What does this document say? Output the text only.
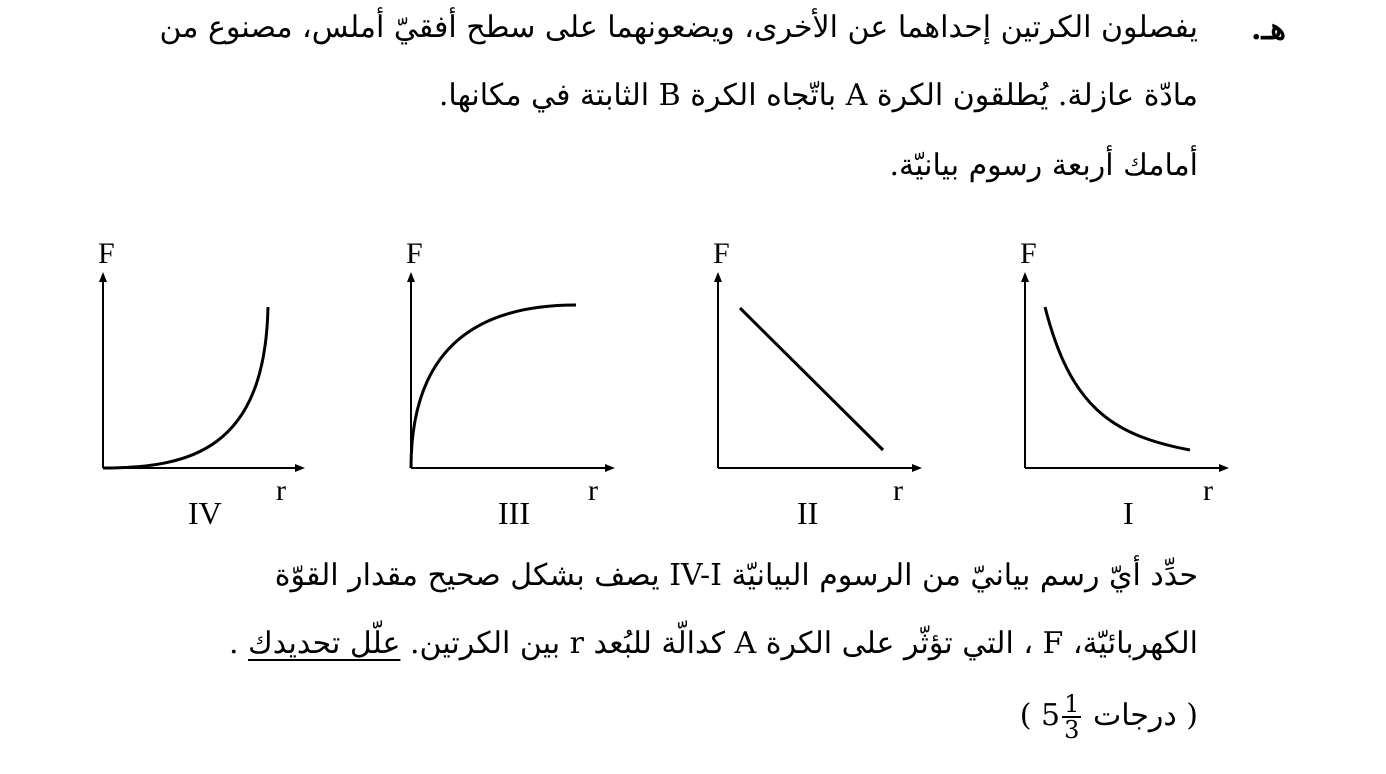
هـ.
يفصلون الكرتين إحداهما عن الأخرى، ويضعونهما على سطح أفقيّ أملس، مصنوع من
مادّة عازلة. يُطلقون الكرة A باتّجاه الكرة B الثابتة في مكانها.
أمامك أربعة رسوم بيانيّة.
F
r
F
r
F
r
F
r
IV	III	II	I
حدِّد أيّ رسم بيانيّ من الرسوم البيانيّة IV-I يصف بشكل صحيح مقدار القوّة
الكهربائيّة، F ، التي تؤثّر على الكرة A كدالّة للبُعد r بين الكرتين. علّل تحديدك .
( $5 \frac{1}{3}$ درجات )
